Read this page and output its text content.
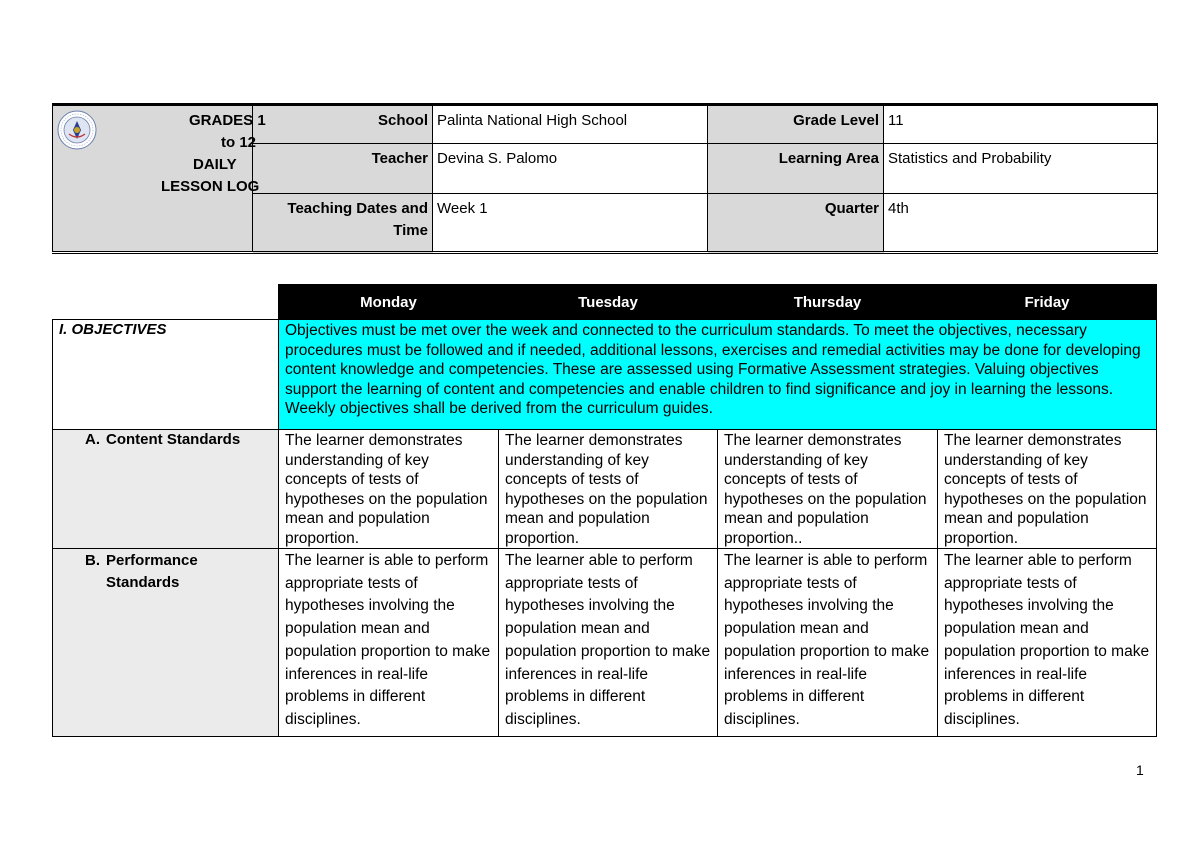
GRADES 1
to 12
DAILY
LESSON LOG	School	Palinta National High School	Grade Level	11
	Teacher	Devina S. Palomo	Learning Area	Statistics and Probability
	Teaching Dates and Time	Week 1	Quarter	4th
	Monday	Tuesday	Thursday	Friday
I. OBJECTIVES	Objectives must be met over the week and connected to the curriculum standards. To meet the objectives, necessary procedures must be followed and if needed, additional lessons, exercises and remedial activities may be done for developing content knowledge and competencies. These are assessed using Formative Assessment strategies. Valuing objectives support the learning of content and competencies and enable children to find significance and joy in learning the lessons. Weekly objectives shall be derived from the curriculum guides.			

A. Content Standards	The learner demonstrates understanding of key concepts of tests of hypotheses on the population mean and population proportion.	The learner demonstrates understanding of key concepts of tests of hypotheses on the population mean and population proportion.	The learner demonstrates understanding of key concepts of tests of hypotheses on the population mean and population proportion..	The learner demonstrates understanding of key concepts of tests of hypotheses on the population mean and population proportion.

B. Performance Standards	The learner is able to perform appropriate tests of hypotheses involving the population mean and population proportion to make inferences in real-life problems in different disciplines.	The learner able to perform appropriate tests of hypotheses involving the population mean and population proportion to make inferences in real-life problems in different disciplines.	The learner is able to perform appropriate tests of hypotheses involving the population mean and population proportion to make inferences in real-life problems in different disciplines.	The learner able to perform appropriate tests of hypotheses involving the population mean and population proportion to make inferences in real-life problems in different disciplines.
1
